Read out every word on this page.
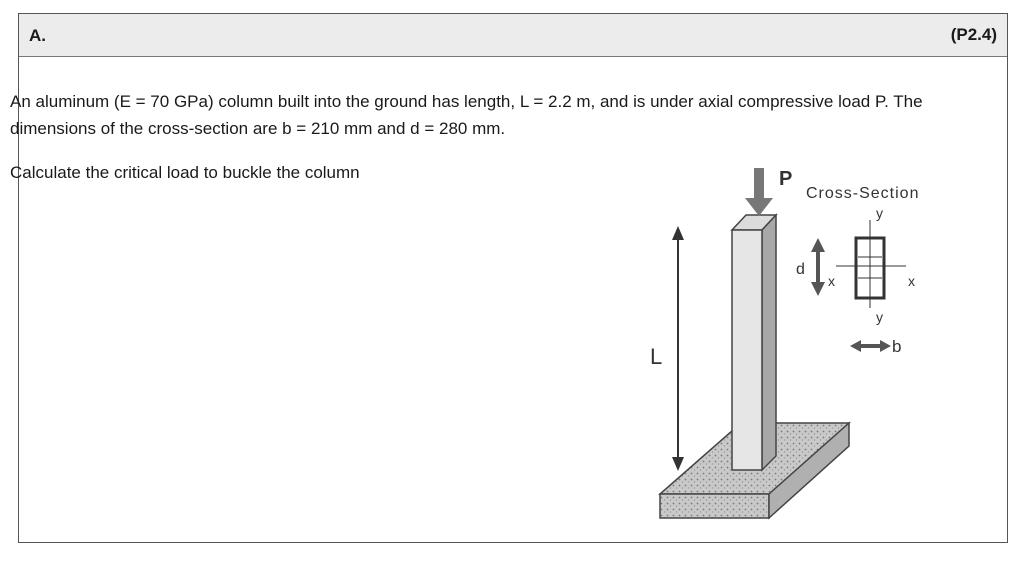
A.	(P2.4)
An aluminum (E = 70 GPa) column built into the ground has length, L = 2.2 m, and is under axial compressive load P. The dimensions of the cross-section are b = 210 mm and d = 280 mm.
Calculate the critical load to buckle the column	P
L
Cross-Section
y
y
x	x
d
b
